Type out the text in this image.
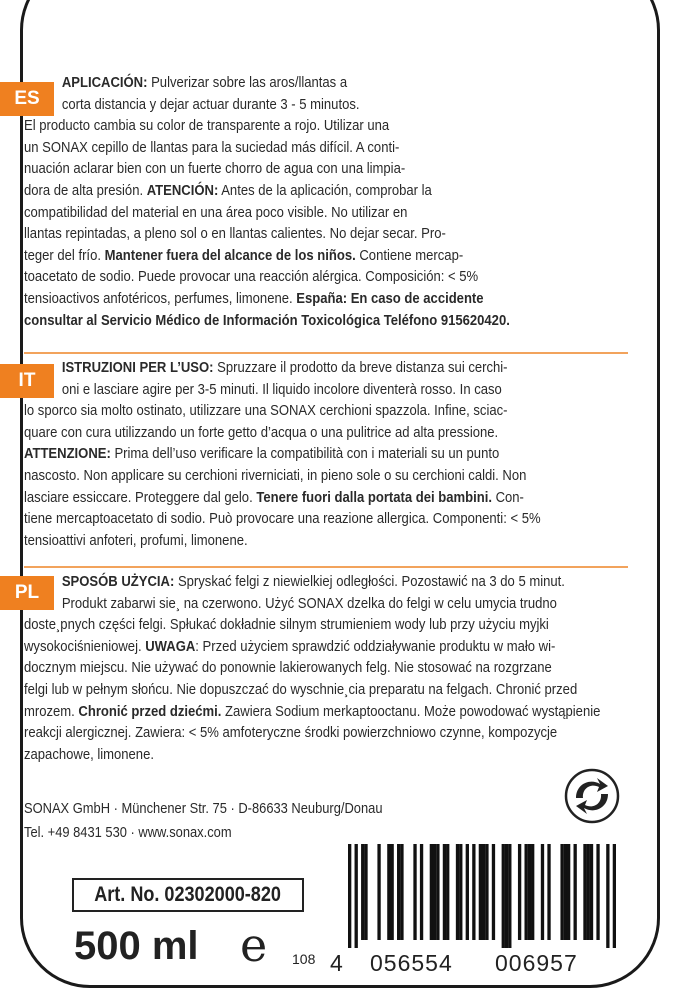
ES
APLICACIÓN: Pulverizar sobre las aros/llantas a
corta distancia y dejar actuar durante 3 - 5 minutos.
El producto cambia su color de transparente a rojo. Utilizar una
un SONAX cepillo de llantas para la suciedad más difícil. A conti-
nuación aclarar bien con un fuerte chorro de agua con una limpia-
dora de alta presión. ATENCIÓN: Antes de la aplicación, comprobar la
compatibilidad del material en una área poco visible. No utilizar en
llantas repintadas, a pleno sol o en llantas calientes. No dejar secar. Pro-
teger del frío. Mantener fuera del alcance de los niños. Contiene mercap-
toacetato de sodio. Puede provocar una reacción alérgica. Composición: < 5%
tensioactivos anfotéricos, perfumes, limonene. España: En caso de accidente
consultar al Servicio Médico de Información Toxicológica Teléfono 915620420.
IT
ISTRUZIONI PER L’USO: Spruzzare il prodotto da breve distanza sui cerchi-
oni e lasciare agire per 3-5 minuti. Il liquido incolore diventerà rosso. In caso
lo sporco sia molto ostinato, utilizzare una SONAX cerchioni spazzola. Infine, sciac-
quare con cura utilizzando un forte getto d’acqua o una pulitrice ad alta pressione.
ATTENZIONE: Prima dell’uso verificare la compatibilità con i materiali su un punto
nascosto. Non applicare su cerchioni riverniciati, in pieno sole o su cerchioni caldi. Non
lasciare essiccare. Proteggere dal gelo. Tenere fuori dalla portata dei bambini. Con-
tiene mercaptoacetato di sodio. Può provocare una reazione allergica. Componenti: < 5%
tensioattivi anfoteri, profumi, limonene.
PL
SPOSÓB UŻYCIA: Spryskać felgi z niewielkiej odległości. Pozostawić na 3 do 5 minut.
Produkt zabarwi sie¸ na czerwono. Użyć SONAX dzelka do felgi w celu umycia trudno
doste¸pnych części felgi. Spłukać dokładnie silnym strumieniem wody lub przy użyciu myjki
wysokociśnieniowej. UWAGA: Przed użyciem sprawdzić oddziaływanie produktu w mało wi-
docznym miejscu. Nie używać do ponownie lakierowanych felg. Nie stosować na rozgrzane
felgi lub w pełnym słońcu. Nie dopuszczać do wyschnie¸cia preparatu na felgach. Chronić przed
mrozem. Chronić przed dziećmi. Zawiera Sodium merkaptooctanu. Może powodować wystąpienie
reakcji alergicznej. Zawiera: < 5% amfoteryczne środki powierzchniowo czynne, kompozycje
zapachowe, limonene.
SONAX GmbH · Münchener Str. 75 · D-86633 Neuburg/Donau
Tel. +49 8431 530 · www.sonax.com
Art. No. 02302000-820
500 ml e 108 4 056554 006957
